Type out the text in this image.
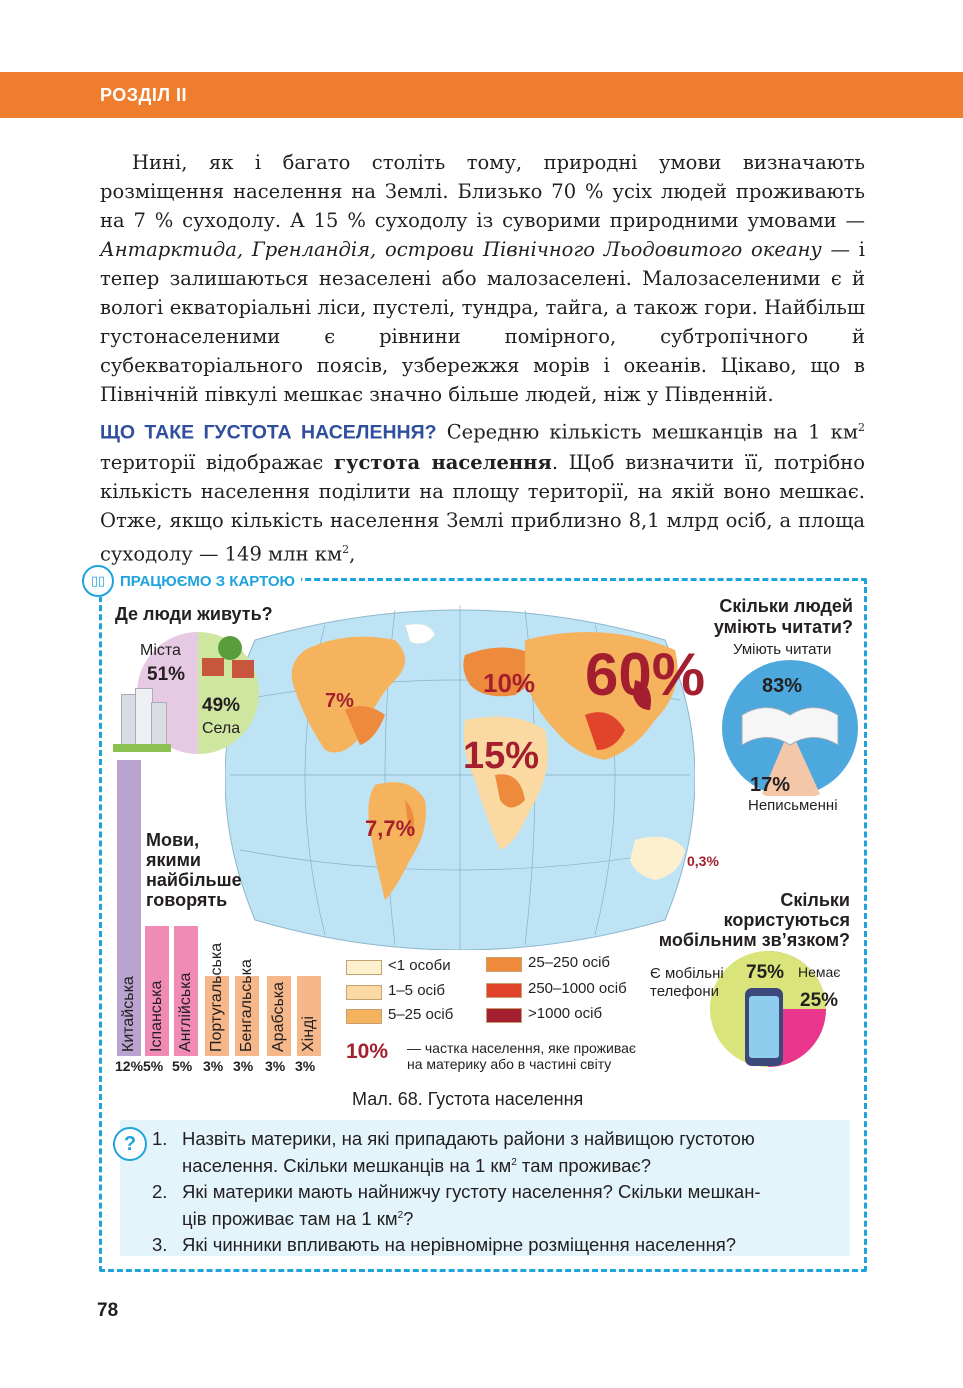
РОЗДІЛ II
Нині, як і багато століть тому, природні умови визначають розміщення населення на Землі. Близько 70 % усіх людей проживають на 7 % суходолу. А 15 % суходолу із суворими природними умовами — Антарктида, Гренландія, острови Північного Льодовитого океану — і тепер залишаються незаселені або малозаселені. Малозаселеними є й вологі екваторіальні ліси, пустелі, тундра, тайга, а також гори. Найбільш густонаселеними є рівнини помірного, субтропічного й субекваторіального поясів, узбережжя морів і океанів. Цікаво, що в Північній півкулі мешкає значно більше людей, ніж у Південній.
ЩО ТАКЕ ГУСТОТА НАСЕЛЕННЯ? Середню кількість мешканців на 1 $км^2$ території відображає густота населення. Щоб визначити її, потрібно кількість населення поділити на площу території, на якій воно мешкає. Отже, якщо кількість населення Землі приблизно 8,1 млрд осіб, а площа суходолу — 149 млн $км^2$,
▯▯ ПРАЦЮЄМО З КАРТОЮ
7%
10% 60%
15%
7,7%
0,3%
Де люди живуть?
Міста
51%
49%
Села
Скільки людей
уміють читати?
Уміють читати
83%
17%
Неписьменні
Мови,
якими
найбільше
говорять
Китайська
12%
Іспанська
5%
Англійська
5%
Португальська
3%
Бенгальська
3%
Арабська
3%
Хінді
3%
<1 особи
1–5 осіб
5–25 осіб
25–250 осіб
250–1000 осіб
>1000 осіб
10% — частка населення, яке проживає
на материку або в частині світу
Скільки
користуються
мобільним зв’язком?
Є мобільні
телефони
75% Немає
25%
Мал. 68. Густота населення
? 1. Назвіть материки, на які припадають райони з найвищою густотою
населення. Скільки мешканців на 1 $км^2$ там проживає?
2. Які материки мають найнижчу густоту населення? Скільки мешкан-
ців проживає там на 1 $км^2$?
3. Які чинники впливають на нерівномірне розміщення населення?
78
